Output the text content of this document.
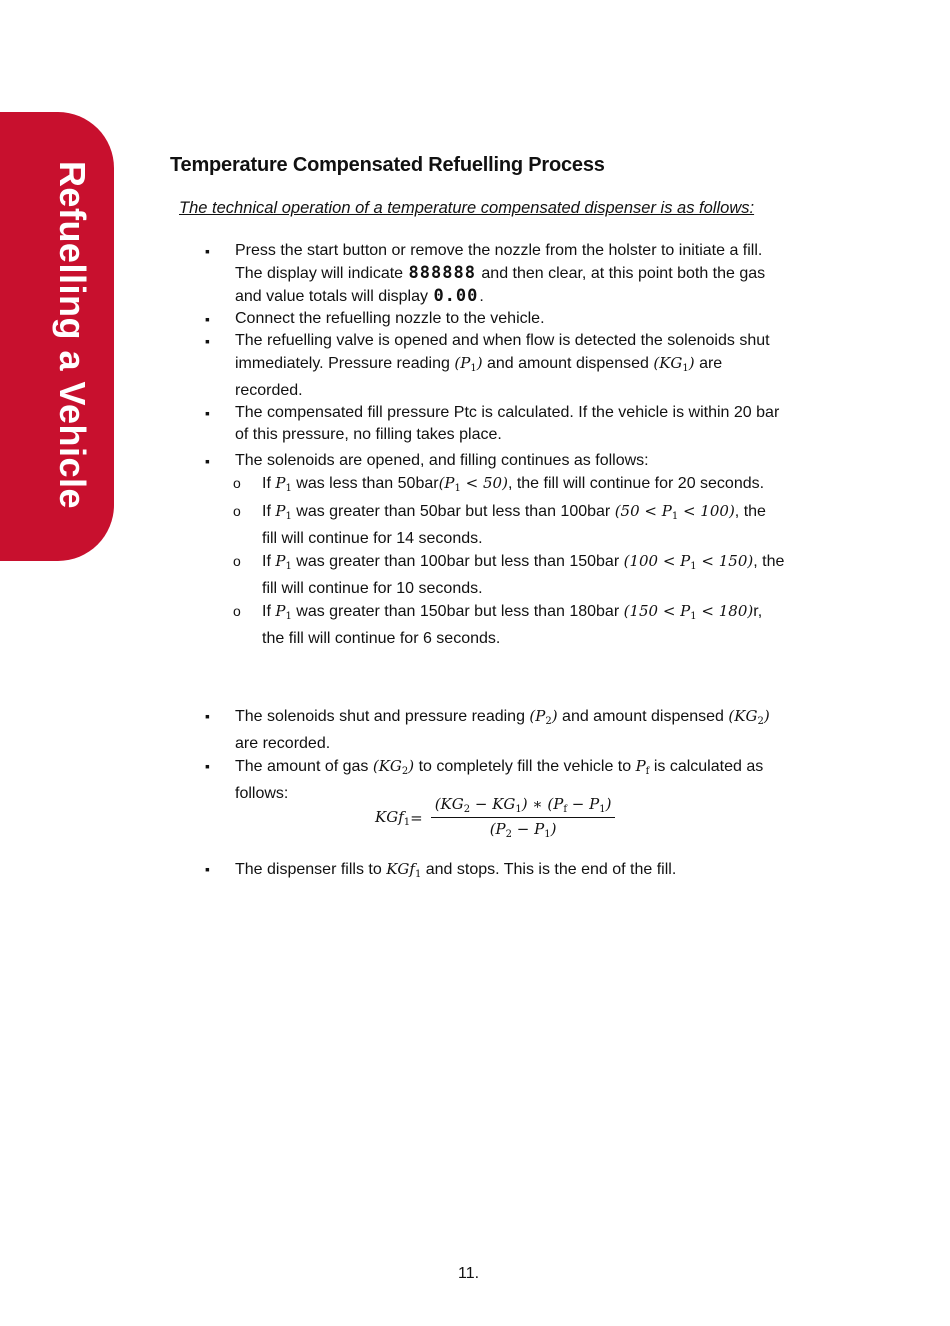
Refuelling a Vehicle	Temperature Compensated Refuelling Process
The technical operation of a temperature compensated dispenser is as follows:
▪ Press the start button or remove the nozzle from the holster to initiate a fill. The display will indicate 888888 and then clear, at this point both the gas and value totals will display 0.00.
▪ Connect the refuelling nozzle to the vehicle.
▪ The refuelling valve is opened and when flow is detected the solenoids shut immediately. Pressure reading $(P_1)$ and amount dispensed $(KG_1)$ are recorded.
▪ The compensated fill pressure Ptc is calculated. If the vehicle is within 20 bar of this pressure, no filling takes place.
▪ The solenoids are opened, and filling continues as follows:
o If $P_1$ was less than $50bar(P_1 < 50)$, the fill will continue for 20 seconds.
o If $P_1$ was greater than 50bar but less than 100bar $(50 < P_1 < 100)$, the fill will continue for 14 seconds.
o If $P_1$ was greater than 100bar but less than 150bar $(100 < P_1 < 150)$, the fill will continue for 10 seconds.
o If $P_1$ was greater than 150bar but less than 180bar $(150 < P_1 < 180)r$, the fill will continue for 6 seconds.
▪ The solenoids shut and pressure reading $(P_2)$ and amount dispensed $(KG_2)$ are recorded.
▪ The amount of gas $(KG_2)$ to completely fill the vehicle to $P_f$ is calculated as follows:
$KGf_1 = \frac{(KG_2 - KG_1) ∗ (P_f - P_1)}{(P_2 - P_1)}$
▪ The dispenser fills to KGf$_1$ and stops. This is the end of the fill.
11.
